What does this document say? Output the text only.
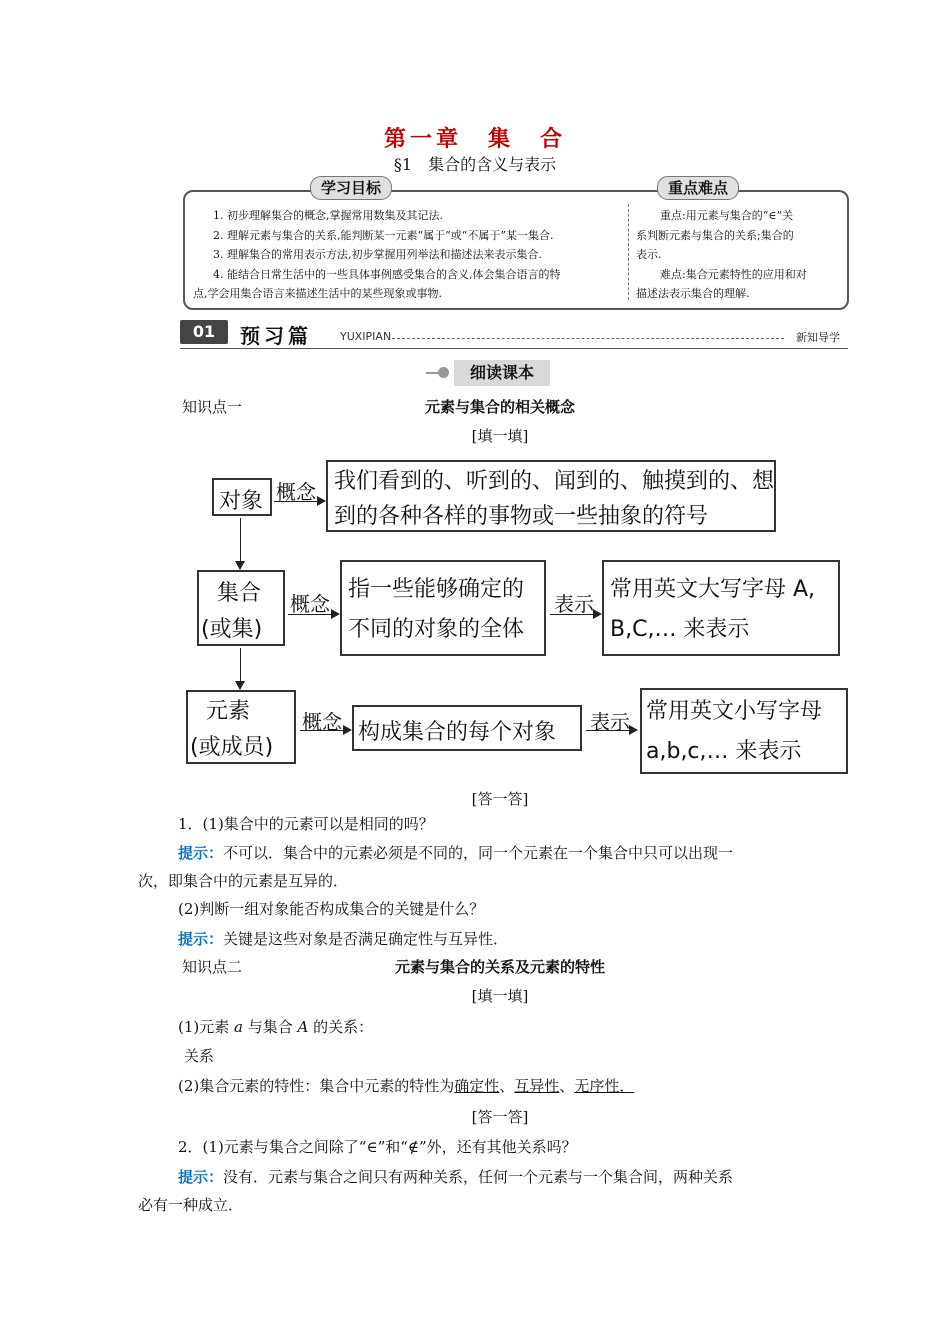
第一章　集　合
§1　集合的含义与表示
学习目标	重点难点

1. 初步理解集合的概念,掌握常用数集及其记法.

2. 理解元素与集合的关系,能判断某一元素“属于”或“不属于”某一集合.

3. 理解集合的常用表示方法,初步掌握用列举法和描述法来表示集合.

4. 能结合日常生活中的一些具体事例感受集合的含义,体会集合语言的特

点,学会用集合语言来描述生活中的某些现象或事物.

重点:用元素与集合的“∈”关

系判断元素与集合的关系;集合的

表示.

难点:集合元素特性的应用和对

描述法表示集合的理解.

01	预习篇	YUXIPIAN	新知导学
细读课本
知识点一	元素与集合的相关概念
[填一填]
对象 概念 我们看到的、听到的、闻到的、触摸到的、想
到的各种各样的事物或一些抽象的符号
集合
(或集)
概念
指一些能够确定的
不同的对象的全体
表示
常用英文大写字母 A,
B,C,… 来表示
元素
(或成员)
概念 构成集合的每个对象 表示 常用英文小写字母
a,b,c,… 来表示
[答一答]
1．(1)集合中的元素可以是相同的吗？
提示：不可以．集合中的元素必须是不同的，同一个元素在一个集合中只可以出现一
次，即集合中的元素是互异的．
(2)判断一组对象能否构成集合的关键是什么？
提示：关键是这些对象是否满足确定性与互异性．
知识点二	元素与集合的关系及元素的特性
[填一填]
(1)元素 a 与集合 A 的关系：
关系
(2)集合元素的特性：集合中元素的特性为确定性、互异性、无序性．
[答一答]
2．(1)元素与集合之间除了“∈”和“∉”外，还有其他关系吗？
提示：没有．元素与集合之间只有两种关系，任何一个元素与一个集合间，两种关系
必有一种成立．
